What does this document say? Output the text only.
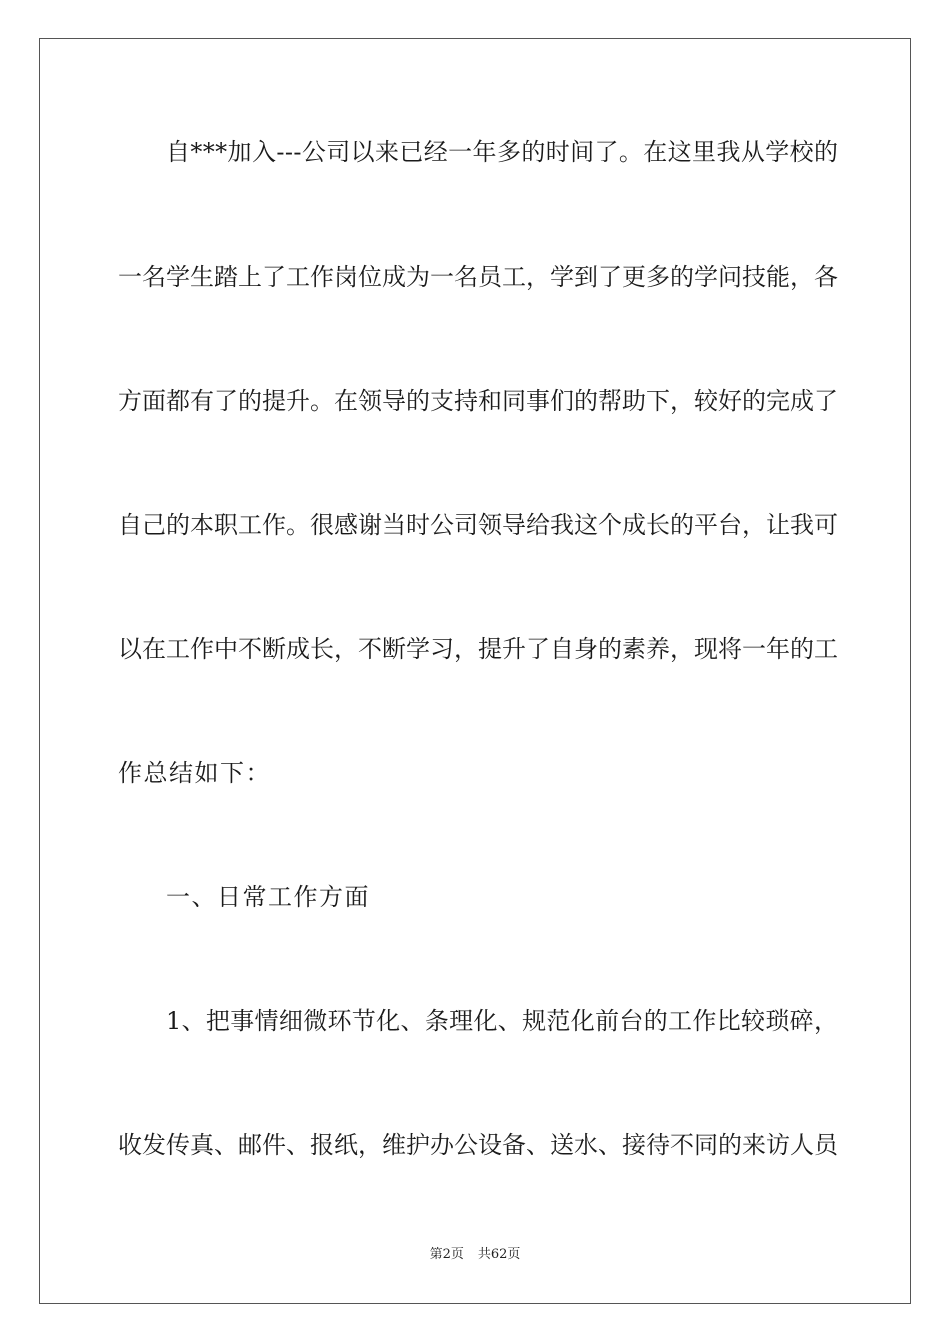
自***加入---公司以来已经一年多的时间了。在这里我从学校的
一名学生踏上了工作岗位成为一名员工，学到了更多的学问技能，各
方面都有了的提升。在领导的支持和同事们的帮助下，较好的完成了
自己的本职工作。很感谢当时公司领导给我这个成长的平台，让我可
以在工作中不断成长，不断学习，提升了自身的素养，现将一年的工
作总结如下：
一、日常工作方面
1、把事情细微环节化、条理化、规范化前台的工作比较琐碎，
收发传真、邮件、报纸，维护办公设备、送水、接待不同的来访人员
第2页 共62页
